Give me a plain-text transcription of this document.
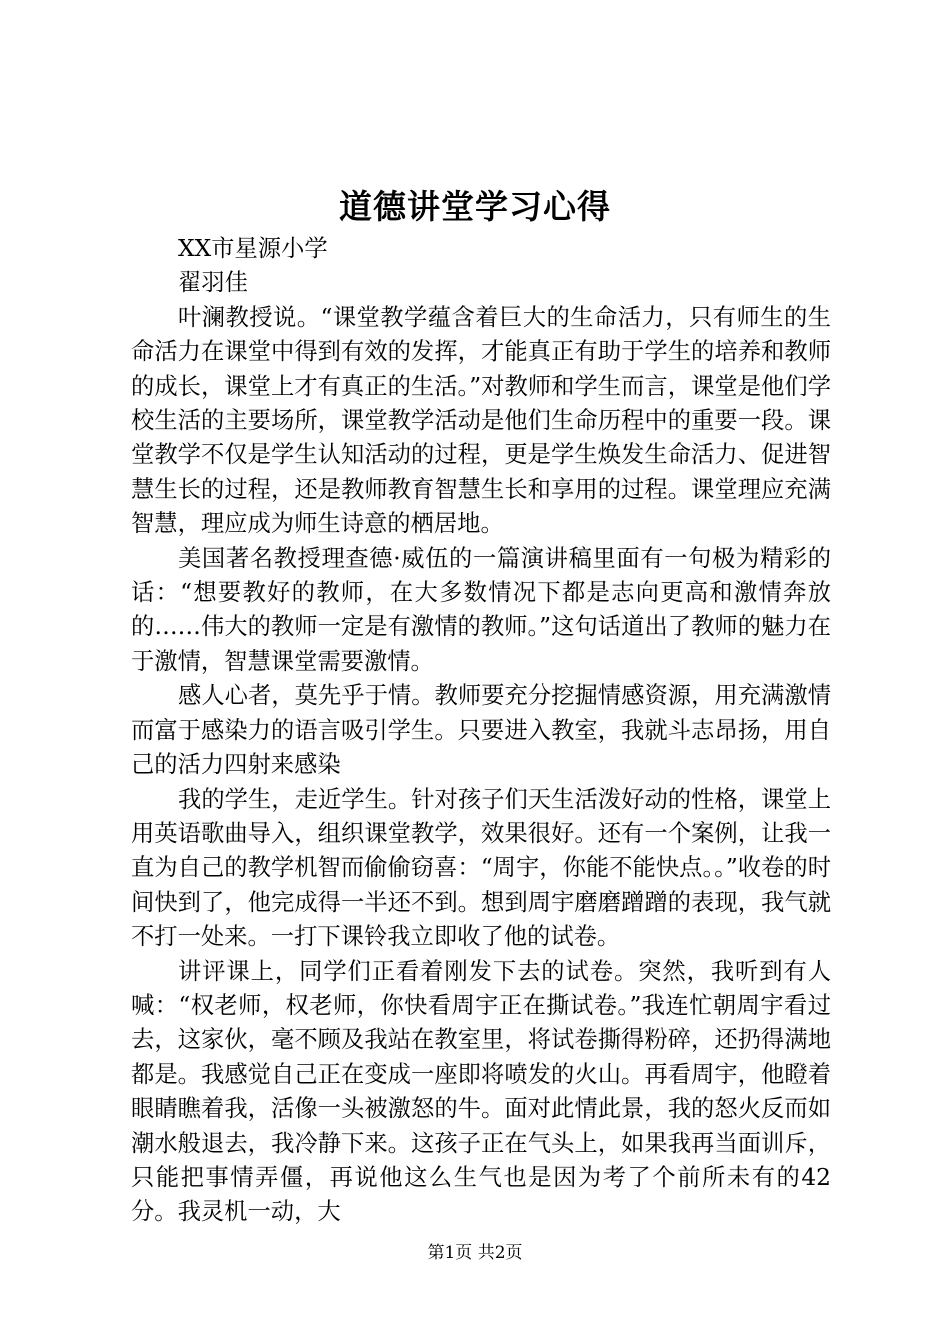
道德讲堂学习心得

XX市星源小学

翟羽佳

叶澜教授说。“课堂教学蕴含着巨大的生命活力，只有师生的生命活力在课堂中得到有效的发挥，才能真正有助于学生的培养和教师的成长，课堂上才有真正的生活。”对教师和学生而言，课堂是他们学校生活的主要场所，课堂教学活动是他们生命历程中的重要一段。课堂教学不仅是学生认知活动的过程，更是学生焕发生命活力、促进智慧生长的过程，还是教师教育智慧生长和享用的过程。课堂理应充满智慧，理应成为师生诗意的栖居地。

美国著名教授理查德·威伍的一篇演讲稿里面有一句极为精彩的话：“想要教好的教师，在大多数情况下都是志向更高和激情奔放的……伟大的教师一定是有激情的教师。”这句话道出了教师的魅力在于激情，智慧课堂需要激情。

感人心者，莫先乎于情。教师要充分挖掘情感资源，用充满激情而富于感染力的语言吸引学生。只要进入教室，我就斗志昂扬，用自己的活力四射来感染

我的学生，走近学生。针对孩子们天生活泼好动的性格，课堂上用英语歌曲导入，组织课堂教学，效果很好。还有一个案例，让我一直为自己的教学机智而偷偷窃喜：“周宇，你能不能快点。。”收卷的时间快到了，他完成得一半还不到。想到周宇磨磨蹭蹭的表现，我气就不打一处来。一打下课铃我立即收了他的试卷。

讲评课上，同学们正看着刚发下去的试卷。突然，我听到有人喊：“权老师，权老师，你快看周宇正在撕试卷。”我连忙朝周宇看过去，这家伙，毫不顾及我站在教室里，将试卷撕得粉碎，还扔得满地都是。我感觉自己正在变成一座即将喷发的火山。再看周宇，他瞪着眼睛瞧着我，活像一头被激怒的牛。面对此情此景，我的怒火反而如潮水般退去，我冷静下来。这孩子正在气头上，如果我再当面训斥，只能把事情弄僵，再说他这么生气也是因为考了个前所未有的42分。我灵机一动，大

第1页 共2页
